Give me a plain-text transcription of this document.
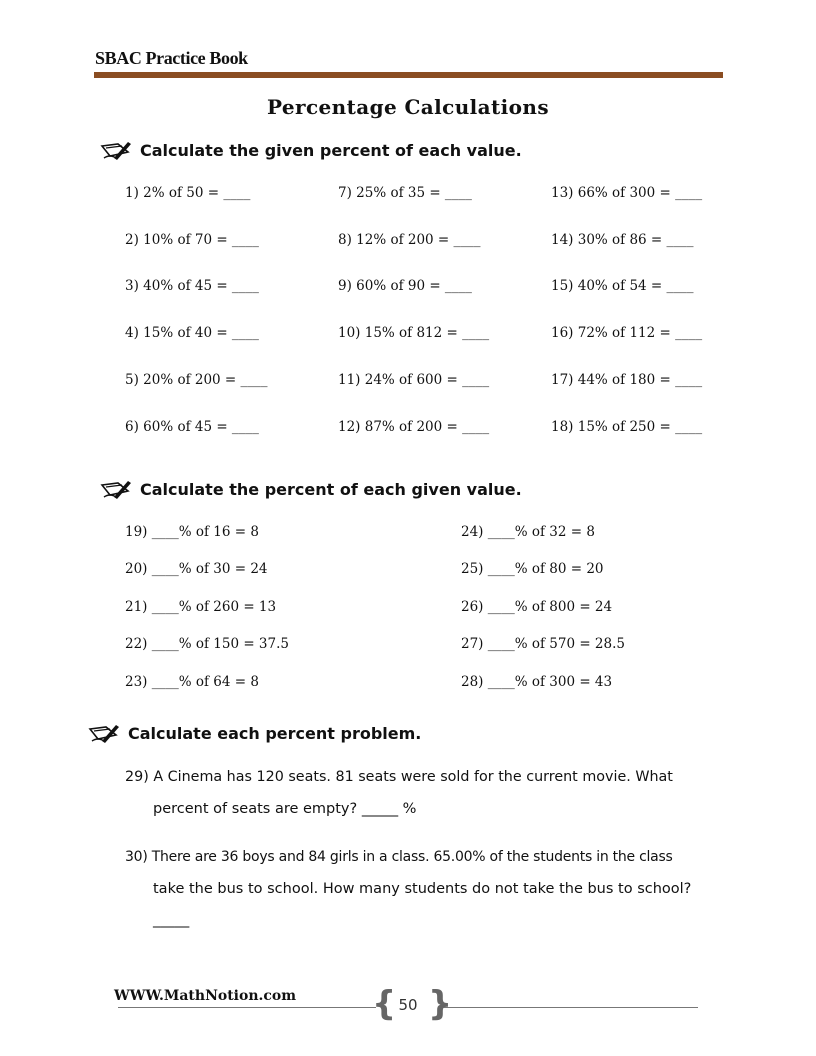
SBAC Practice Book
Percentage Calculations
Calculate the given percent of each value.
1) 2% of 50 = ____
2) 10% of 70 = ____
3) 40% of 45 = ____
4) 15% of 40 = ____
5) 20% of 200 = ____
6) 60% of 45 = ____
7) 25% of 35 = ____
8) 12% of 200 = ____
9) 60% of 90 = ____
10) 15% of 812 = ____
11) 24% of 600 = ____
12) 87% of 200 = ____
13) 66% of 300 = ____
14) 30% of 86 = ____
15) 40% of 54 = ____
16) 72% of 112 = ____
17) 44% of 180 = ____
18) 15% of 250 = ____
Calculate the percent of each given value.
19) ____% of 16 = 8
20) ____% of 30 = 24
21) ____% of 260 = 13
22) ____% of 150 = 37.5
23) ____% of 64 = 8
24) ____% of 32 = 8
25) ____% of 80 = 20
26) ____% of 800 = 24
27) ____% of 570 = 28.5
28) ____% of 300 = 43
Calculate each percent problem.
29) A Cinema has 120 seats. 81 seats were sold for the current movie. What
percent of seats are empty? _____ %
30) There are 36 boys and 84 girls in a class. 65.00% of the students in the class
take the bus to school. How many students do not take the bus to school?
_____
WWW.MathNotion.com { }
50
